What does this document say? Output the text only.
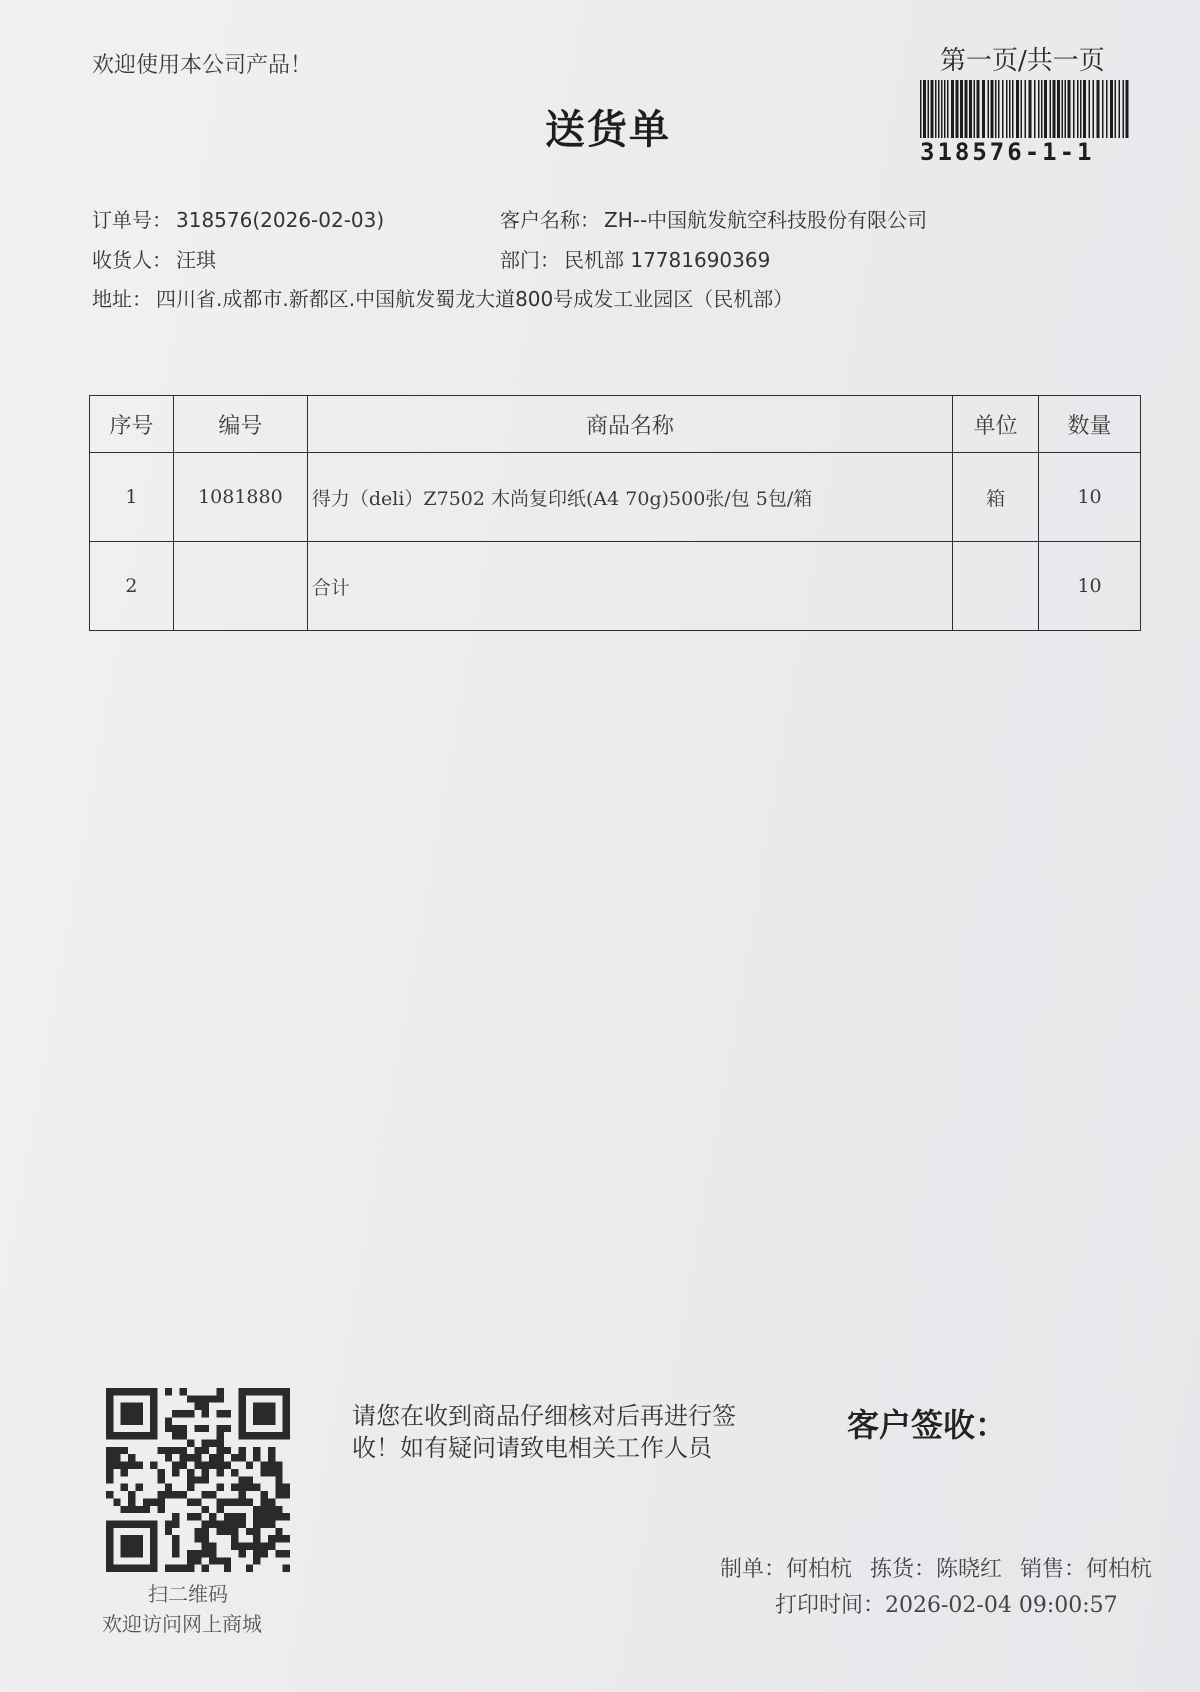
欢迎使用本公司产品！
送货单
第一页/共一页
318576-1-1
订单号： 318576(2026-02-03)	客户名称： ZH--中国航发航空科技股份有限公司
收货人： 汪琪	部门： 民机部 17781690369
地址： 四川省.成都市.新都区.中国航发蜀龙大道800号成发工业园区（民机部）
序号	编号	商品名称	单位	数量
1	1081880	得力（deli）Z7502 木尚复印纸(A4 70g)500张/包 5包/箱	箱	10
2		合计		10
扫二维码
欢迎访问网上商城
请您在收到商品仔细核对后再进行签收！如有疑问请致电相关工作人员
客户签收：
制单：何柏杭 拣货：陈晓红 销售：何柏杭
打印时间：2026-02-04 09:00:57
